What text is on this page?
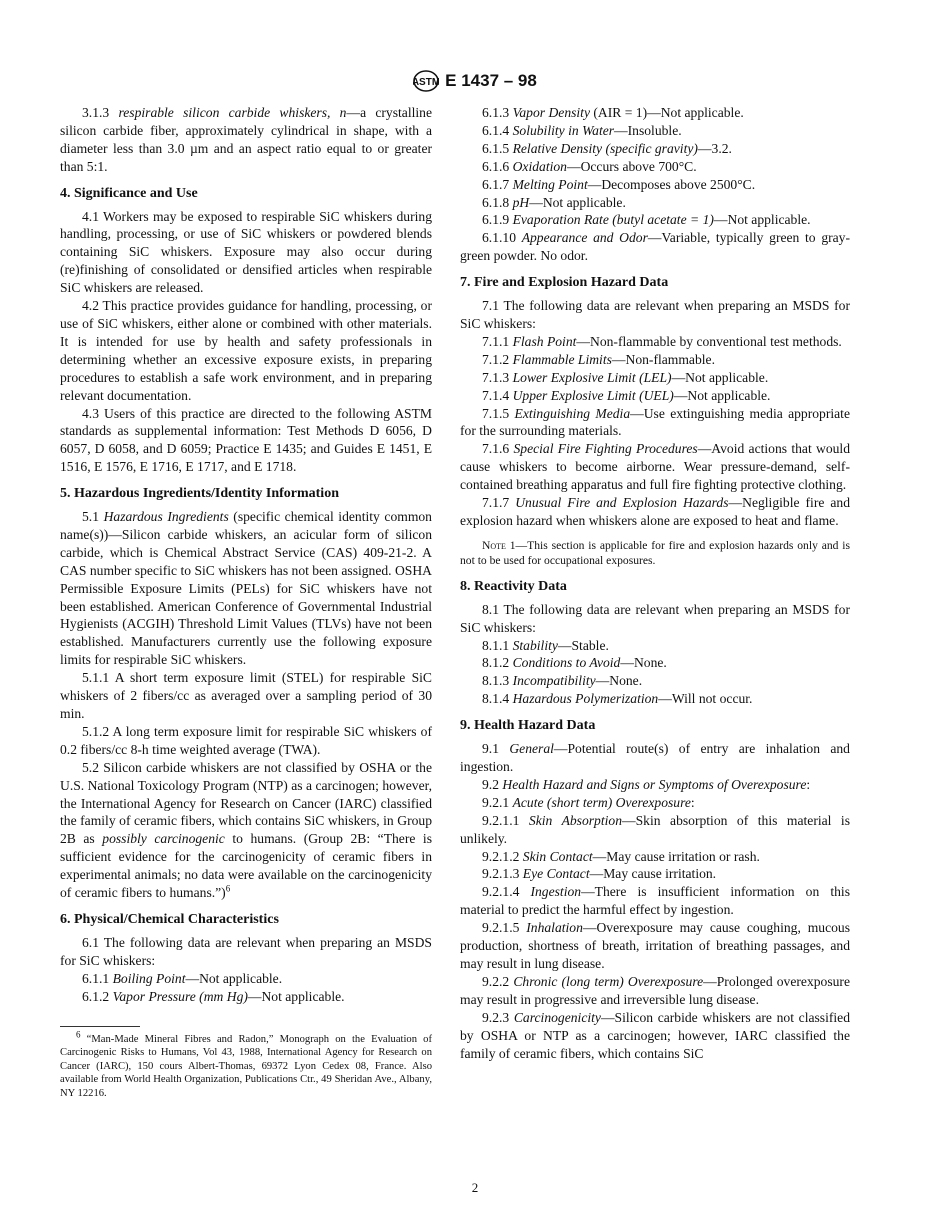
ASTM E 1437 – 98

3.1.3 respirable silicon carbide whiskers, n—a crystalline silicon carbide fiber, approximately cylindrical in shape, with a diameter less than 3.0 µm and an aspect ratio equal to or greater than 5:1.

4. Significance and Use

4.1 Workers may be exposed to respirable SiC whiskers during handling, processing, or use of SiC whiskers or powdered blends containing SiC whiskers. Exposure may also occur during (re)finishing of consolidated or densified articles when respirable SiC whiskers are released.

4.2 This practice provides guidance for handling, processing, or use of SiC whiskers, either alone or combined with other materials. It is intended for use by health and safety professionals in determining whether an excessive exposure exists, in preparing procedures to establish a safe work environment, and in preparing relevant documentation.

4.3 Users of this practice are directed to the following ASTM standards as supplemental information: Test Methods D 6056, D 6057, D 6058, and D 6059; Practice E 1435; and Guides E 1451, E 1516, E 1576, E 1716, E 1717, and E 1718.

5. Hazardous Ingredients/Identity Information

5.1 Hazardous Ingredients (specific chemical identity common name(s))—Silicon carbide whiskers, an acicular form of silicon carbide, which is Chemical Abstract Service (CAS) 409-21-2. A CAS number specific to SiC whiskers has not been assigned. OSHA Permissible Exposure Limits (PELs) for SiC whiskers have not been established. American Conference of Governmental Industrial Hygienists (ACGIH) Threshold Limit Values (TLVs) have not been established. Manufacturers currently use the following exposure limits for respirable SiC whiskers.

5.1.1 A short term exposure limit (STEL) for respirable SiC whiskers of 2 fibers/cc as averaged over a sampling period of 30 min.

5.1.2 A long term exposure limit for respirable SiC whiskers of 0.2 fibers/cc 8-h time weighted average (TWA).

5.2 Silicon carbide whiskers are not classified by OSHA or the U.S. National Toxicology Program (NTP) as a carcinogen; however, the International Agency for Research on Cancer (IARC) classified the family of ceramic fibers, which contains SiC whiskers, in Group 2B as possibly carcinogenic to humans. (Group 2B: “There is sufficient evidence for the carcinogenicity of ceramic fibers in experimental animals; no data were available on the carcinogenicity of ceramic fibers to humans.”)$^6$

6. Physical/Chemical Characteristics

6.1 The following data are relevant when preparing an MSDS for SiC whiskers:

6.1.1 Boiling Point—Not applicable.

6.1.2 Vapor Pressure (mm Hg)—Not applicable.

$^6$ “Man-Made Mineral Fibres and Radon,” Monograph on the Evaluation of Carcinogenic Risks to Humans, Vol 43, 1988, International Agency for Research on Cancer (IARC), 150 cours Albert-Thomas, 69372 Lyon Cedex 08, France. Also available from World Health Organization, Publications Ctr., 49 Sheridan Ave., Albany, NY 12216.

6.1.3 Vapor Density (AIR = 1)—Not applicable.

6.1.4 Solubility in Water—Insoluble.

6.1.5 Relative Density (specific gravity)—3.2.

6.1.6 Oxidation—Occurs above 700°C.

6.1.7 Melting Point—Decomposes above 2500°C.

6.1.8 pH—Not applicable.

6.1.9 Evaporation Rate (butyl acetate = 1)—Not applicable.

6.1.10 Appearance and Odor—Variable, typically green to gray-green powder. No odor.

7. Fire and Explosion Hazard Data

7.1 The following data are relevant when preparing an MSDS for SiC whiskers:

7.1.1 Flash Point—Non-flammable by conventional test methods.

7.1.2 Flammable Limits—Non-flammable.

7.1.3 Lower Explosive Limit (LEL)—Not applicable.

7.1.4 Upper Explosive Limit (UEL)—Not applicable.

7.1.5 Extinguishing Media—Use extinguishing media appropriate for the surrounding materials.

7.1.6 Special Fire Fighting Procedures—Avoid actions that would cause whiskers to become airborne. Wear pressure-demand, self-contained breathing apparatus and full fire fighting protective clothing.

7.1.7 Unusual Fire and Explosion Hazards—Negligible fire and explosion hazard when whiskers alone are exposed to heat and flame.

Note 1—This section is applicable for fire and explosion hazards only and is not to be used for occupational exposures.

8. Reactivity Data

8.1 The following data are relevant when preparing an MSDS for SiC whiskers:

8.1.1 Stability—Stable.

8.1.2 Conditions to Avoid—None.

8.1.3 Incompatibility—None.

8.1.4 Hazardous Polymerization—Will not occur.

9. Health Hazard Data

9.1 General—Potential route(s) of entry are inhalation and ingestion.

9.2 Health Hazard and Signs or Symptoms of Overexposure:

9.2.1 Acute (short term) Overexposure:

9.2.1.1 Skin Absorption—Skin absorption of this material is unlikely.

9.2.1.2 Skin Contact—May cause irritation or rash.

9.2.1.3 Eye Contact—May cause irritation.

9.2.1.4 Ingestion—There is insufficient information on this material to predict the harmful effect by ingestion.

9.2.1.5 Inhalation—Overexposure may cause coughing, mucous production, shortness of breath, irritation of breathing passages, and may result in lung disease.

9.2.2 Chronic (long term) Overexposure—Prolonged overexposure may result in progressive and irreversible lung disease.

9.2.3 Carcinogenicity—Silicon carbide whiskers are not classified by OSHA or NTP as a carcinogen; however, IARC classified the family of ceramic fibers, which contains SiC

2
